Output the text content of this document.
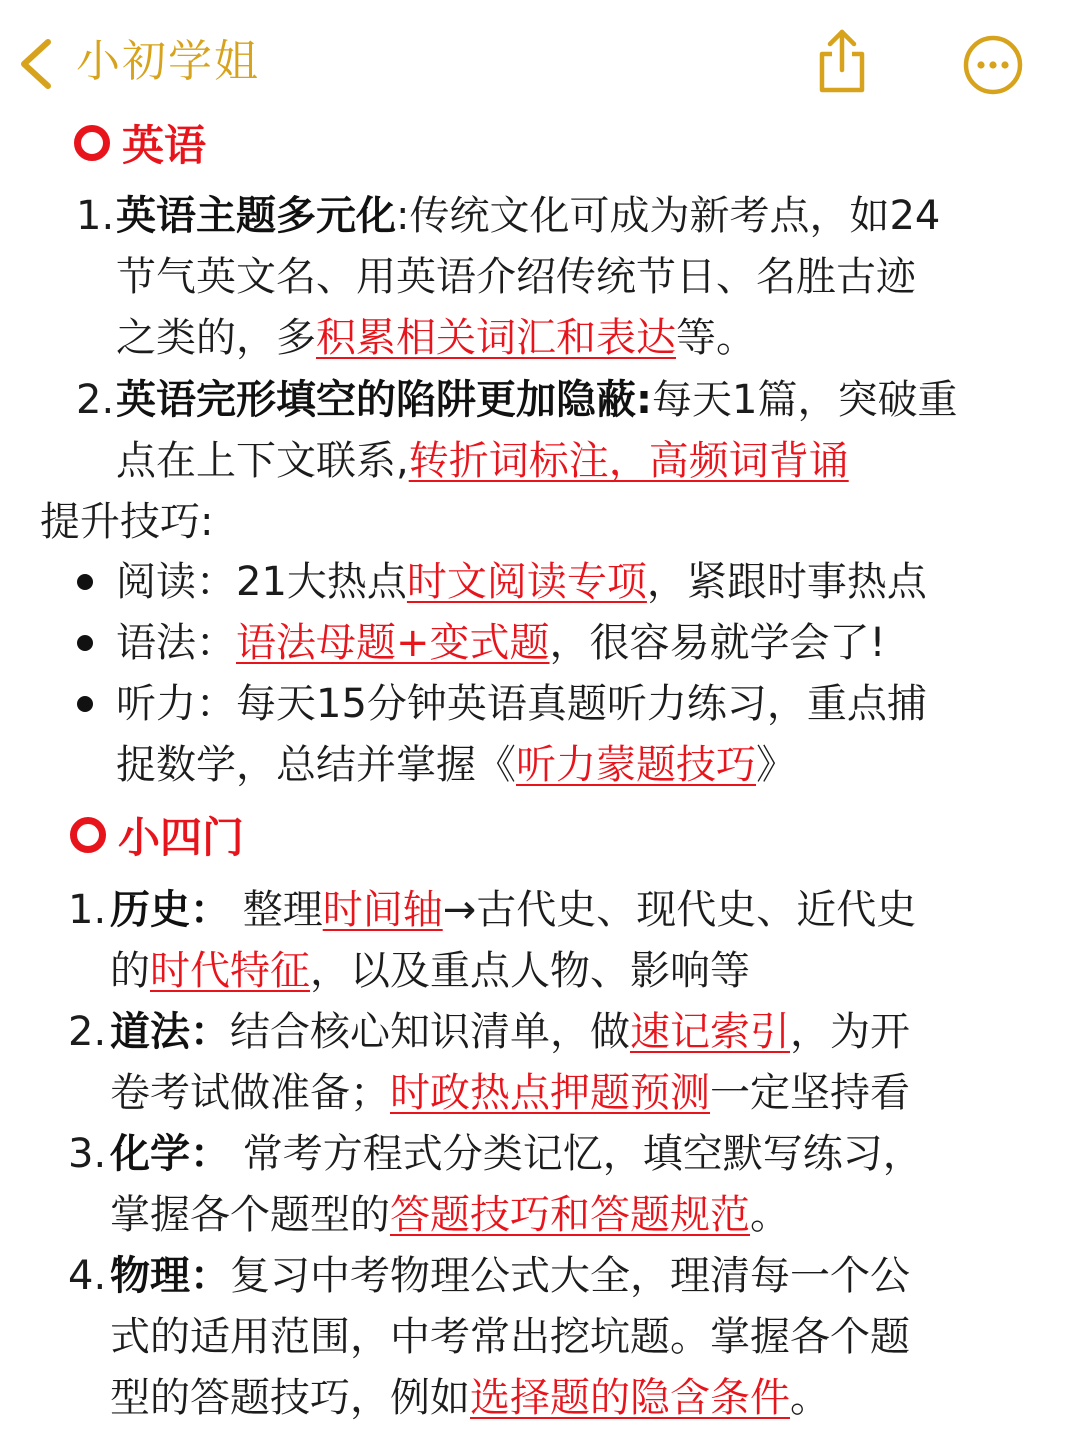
小初学姐
英语
1. 英语主题多元化:传统文化可成为新考点，如24
节气英文名、用英语介绍传统节日、名胜古迹
之类的，多积累相关词汇和表达等。
2. 英语完形填空的陷阱更加隐蔽:每天1篇，突破重
点在上下文联系,转折词标注，高频词背诵
提升技巧:
阅读：21大热点时文阅读专项，紧跟时事热点
语法：语法母题+变式题，很容易就学会了!
听力：每天15分钟英语真题听力练习，重点捕
捉数学，总结并掌握《听力蒙题技巧》
小四门
1. 历史： 整理时间轴→古代史、现代史、近代史
的时代特征，以及重点人物、影响等
2. 道法：结合核心知识清单，做速记索引，为开
卷考试做准备；时政热点押题预测一定坚持看
3. 化学： 常考方程式分类记忆，填空默写练习，
掌握各个题型的答题技巧和答题规范。
4. 物理：复习中考物理公式大全，理清每一个公
式的适用范围，中考常出挖坑题。掌握各个题
型的答题技巧，例如选择题的隐含条件。
